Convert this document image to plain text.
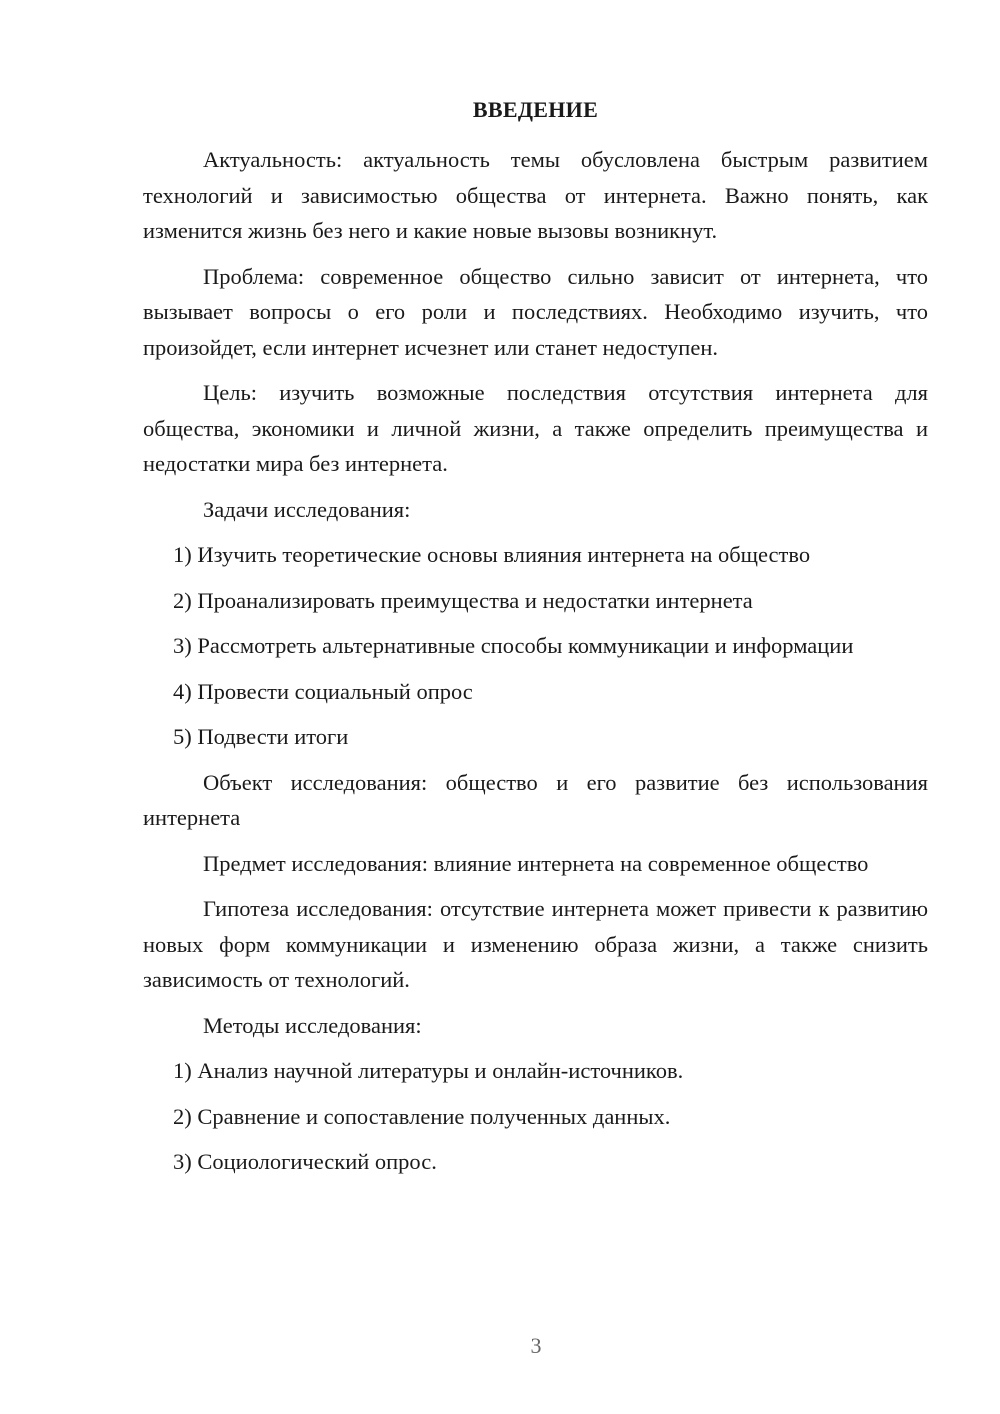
ВВЕДЕНИЕ

Актуальность: актуальность темы обусловлена быстрым развитием технологий и зависимостью общества от интернета. Важно понять, как изменится жизнь без него и какие новые вызовы возникнут.

Проблема: современное общество сильно зависит от интернета, что вызывает вопросы о его роли и последствиях. Необходимо изучить, что произойдет, если интернет исчезнет или станет недоступен.

Цель: изучить возможные последствия отсутствия интернета для общества, экономики и личной жизни, а также определить преимущества и недостатки мира без интернета.

Задачи исследования:

1) Изучить теоретические основы влияния интернета на общество

2) Проанализировать преимущества и недостатки интернета

3) Рассмотреть альтернативные способы коммуникации и информации

4) Провести социальный опрос

5) Подвести итоги

Объект исследования: общество и его развитие без использования интернета

Предмет исследования: влияние интернета на современное общество

Гипотеза исследования: отсутствие интернета может привести к развитию новых форм коммуникации и изменению образа жизни, а также снизить зависимость от технологий.

Методы исследования:

1) Анализ научной литературы и онлайн-источников.

2) Сравнение и сопоставление полученных данных.

3) Социологический опрос.

3
